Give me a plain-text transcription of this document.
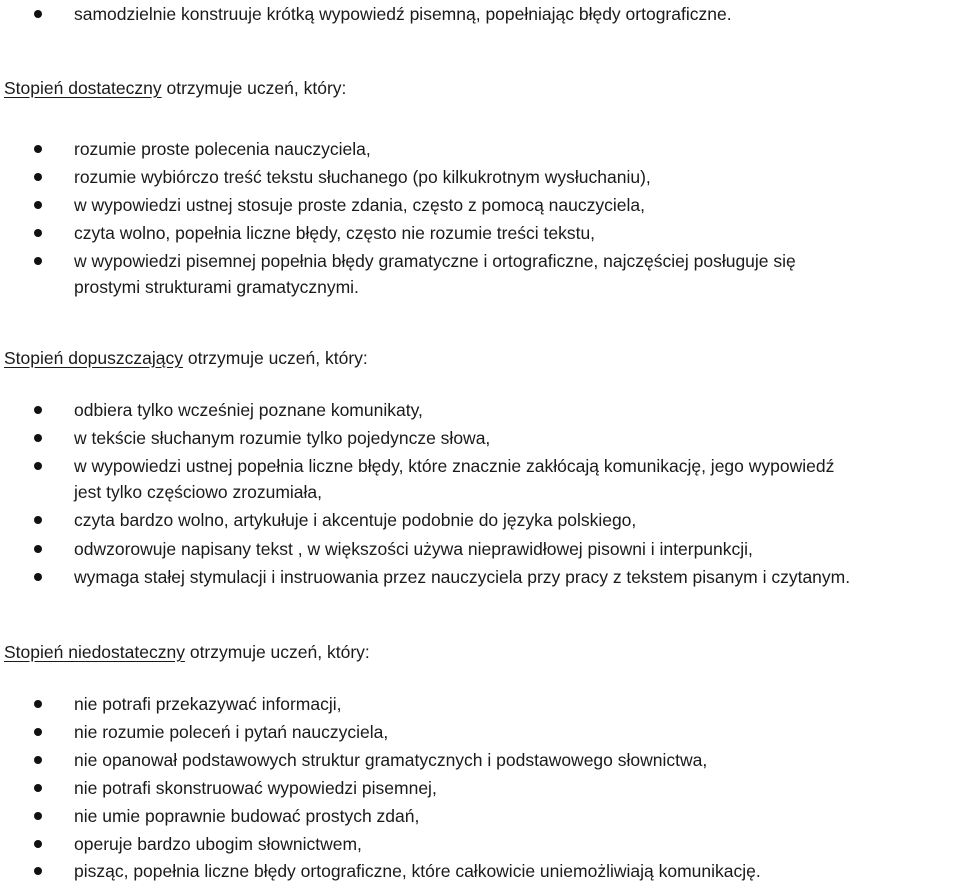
samodzielnie konstruuje krótką wypowiedź pisemną, popełniając błędy ortograficzne.
Stopień dostateczny otrzymuje uczeń, który:
rozumie proste polecenia nauczyciela,
rozumie wybiórczo treść tekstu słuchanego (po kilkukrotnym wysłuchaniu),
w wypowiedzi ustnej stosuje proste zdania, często z pomocą nauczyciela,
czyta wolno, popełnia liczne błędy, często nie rozumie treści tekstu,
w wypowiedzi pisemnej popełnia błędy gramatyczne i ortograficzne, najczęściej posługuje się
prostymi strukturami gramatycznymi.
Stopień dopuszczający otrzymuje uczeń, który:
odbiera tylko wcześniej poznane komunikaty,
w tekście słuchanym rozumie tylko pojedyncze słowa,
w wypowiedzi ustnej popełnia liczne błędy, które znacznie zakłócają komunikację, jego wypowiedź
jest tylko częściowo zrozumiała,
czyta bardzo wolno, artykułuje i akcentuje podobnie do języka polskiego,
odwzorowuje napisany tekst , w większości używa nieprawidłowej pisowni i interpunkcji,
wymaga stałej stymulacji i instruowania przez nauczyciela przy pracy z tekstem pisanym i czytanym.
Stopień niedostateczny otrzymuje uczeń, który:
nie potrafi przekazywać informacji,
nie rozumie poleceń i pytań nauczyciela,
nie opanował podstawowych struktur gramatycznych i podstawowego słownictwa,
nie potrafi skonstruować wypowiedzi pisemnej,
nie umie poprawnie budować prostych zdań,
operuje bardzo ubogim słownictwem,
pisząc, popełnia liczne błędy ortograficzne, które całkowicie uniemożliwiają komunikację.
